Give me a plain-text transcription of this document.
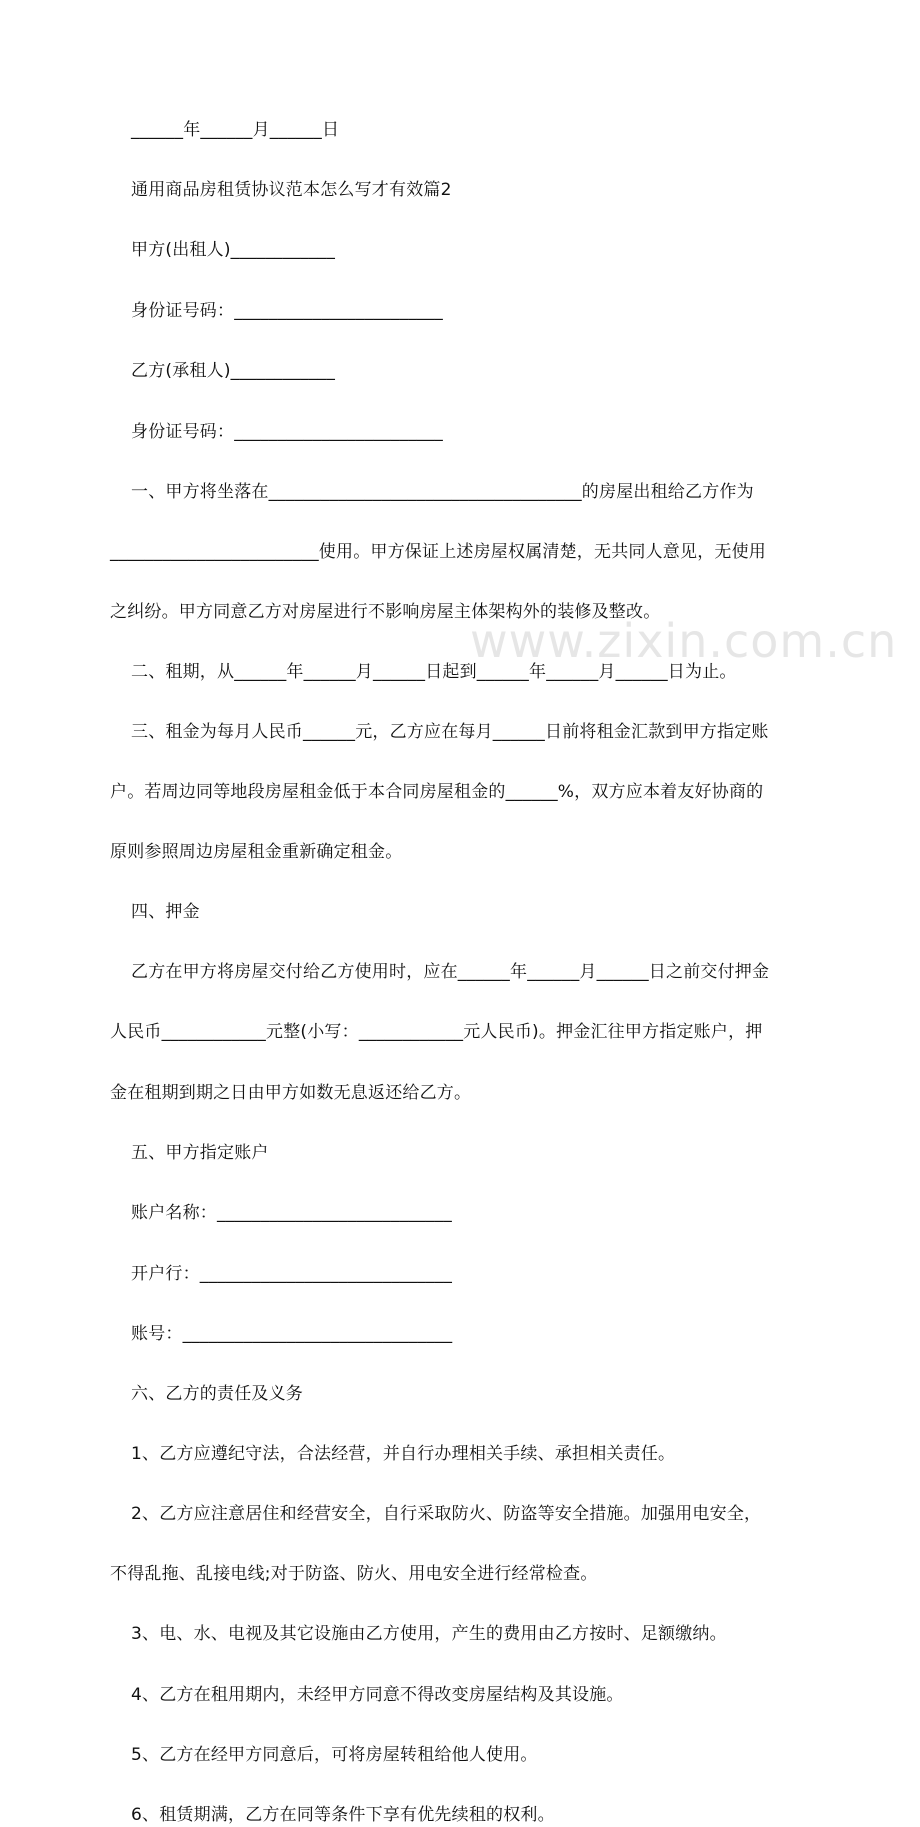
www.zixin.com.cn
______年______月______日
通用商品房租赁协议范本怎么写才有效篇2
甲方(出租人)____________
身份证号码：________________________
乙方(承租人)____________
身份证号码：________________________
一、甲方将坐落在____________________________________的房屋出租给乙方作为
________________________使用。甲方保证上述房屋权属清楚，无共同人意见，无使用
之纠纷。甲方同意乙方对房屋进行不影响房屋主体架构外的装修及整改。
二、租期，从______年______月______日起到______年______月______日为止。
三、租金为每月人民币______元，乙方应在每月______日前将租金汇款到甲方指定账
户。若周边同等地段房屋租金低于本合同房屋租金的______%，双方应本着友好协商的
原则参照周边房屋租金重新确定租金。
四、押金
乙方在甲方将房屋交付给乙方使用时，应在______年______月______日之前交付押金
人民币____________元整(小写：____________元人民币)。押金汇往甲方指定账户，押
金在租期到期之日由甲方如数无息返还给乙方。
五、甲方指定账户
账户名称：___________________________
开户行：_____________________________
账号：_______________________________
六、乙方的责任及义务
1、乙方应遵纪守法，合法经营，并自行办理相关手续、承担相关责任。
2、乙方应注意居住和经营安全，自行采取防火、防盗等安全措施。加强用电安全，
不得乱拖、乱接电线;对于防盗、防火、用电安全进行经常检查。
3、电、水、电视及其它设施由乙方使用，产生的费用由乙方按时、足额缴纳。
4、乙方在租用期内，未经甲方同意不得改变房屋结构及其设施。
5、乙方在经甲方同意后，可将房屋转租给他人使用。
6、租赁期满，乙方在同等条件下享有优先续租的权利。
